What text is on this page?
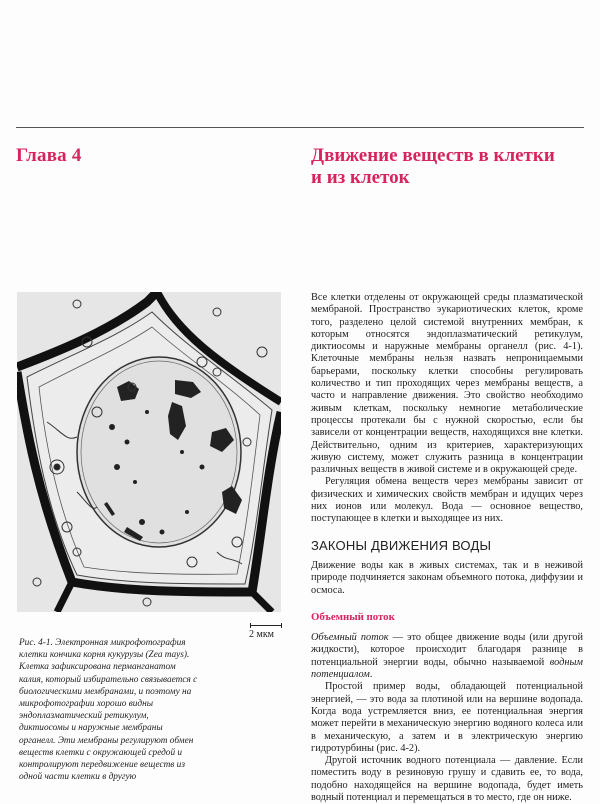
Глава 4	Движение веществ в клетки
и из клеток
2 мкм

Рис. 4-1. Электронная микрофотография клетки кончика корня кукурузы (Zea mays). Клетка зафиксирована перманганатом калия, который избирательно связывается с биологическими мембранами, и поэтому на микрофотографии хорошо видны эндоплазматический ретикулум, диктиосомы и наружные мембраны органелл. Эти мембраны регулируют обмен веществ клетки с окружающей средой и контролируют передвижение веществ из одной части клетки в другую

Все клетки отделены от окружающей среды плазматической мембраной. Пространство эукариотических клеток, кроме того, разделено целой системой внутренних мембран, к которым относятся эндоплазматический ретикулум, диктиосомы и наружные мембраны органелл (рис. 4-1). Клеточные мембраны нельзя назвать непроницаемыми барьерами, поскольку клетки способны регулировать количество и тип проходящих через мембраны веществ, а часто и направление движения. Это свойство необходимо живым клеткам, поскольку немногие метаболические процессы протекали бы с нужной скоростью, если бы зависели от концентрации веществ, находящихся вне клетки. Действительно, одним из критериев, характеризующих живую систему, может служить разница в концентрации различных веществ в живой системе и в окружающей среде.

Регуляция обмена веществ через мембраны зависит от физических и химических свойств мембран и идущих через них ионов или молекул. Вода — основное вещество, поступающее в клетки и выходящее из них.

ЗАКОНЫ ДВИЖЕНИЯ ВОДЫ

Движение воды как в живых системах, так и в неживой природе подчиняется законам объемного потока, диффузии и осмоса.

Объемный поток

Объемный поток — это общее движение воды (или другой жидкости), которое происходит благодаря разнице в потенциальной энергии воды, обычно называемой водным потенциалом.

Простой пример воды, обладающей потенциальной энергией, — это вода за плотиной или на вершине водопада. Когда вода устремляется вниз, ее потенциальная энергия может перейти в механическую энергию водяного колеса или в механическую, а затем и в электрическую энергию гидротурбины (рис. 4-2).

Другой источник водного потенциала — давление. Если поместить воду в резиновую грушу и сдавить ее, то вода, подобно находящейся на вершине водопада, будет иметь водный потенциал и перемещаться в то место, где он ниже.
